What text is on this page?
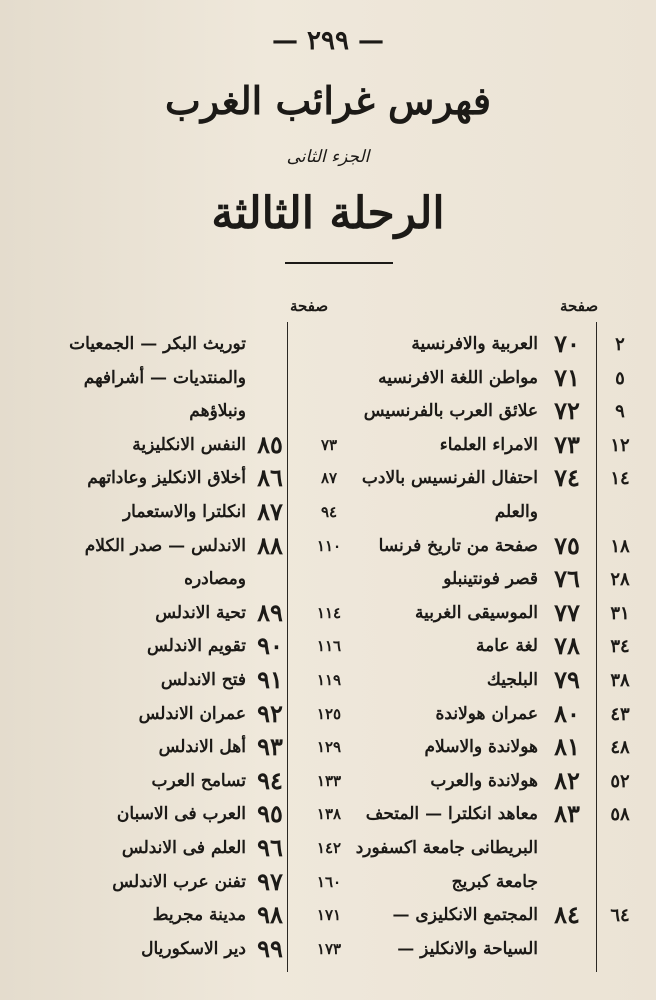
— ٢٩٩ —
فهرس غرائب الغرب
الجزء الثانى
الرحلة الثالثة
صفحة
صفحة
٢
٧٠
العربية والافرنسية
٥
٧١
مواطن اللغة الافرنسيه
٩
٧٢
علائق العرب بالفرنسيس
١٢
٧٣
الامراء العلماء
١٤
٧٤
احتفال الفرنسيس بالادب
والعلم
١٨
٧٥
صفحة من تاريخ فرنسا
٢٨
٧٦
قصر فونتينبلو
٣١
٧٧
الموسيقى الغربية
٣٤
٧٨
لغة عامة
٣٨
٧٩
البلجيك
٤٣
٨٠
عمران هولاندة
٤٨
٨١
هولاندة والاسلام
٥٢
٨٢
هولاندة والعرب
٥٨
٨٣
معاهد انكلترا — المتحف
البريطانى جامعة اكسفورد
جامعة كبريج
٦٤
٨٤
المجتمع الانكليزى —
السياحة والانكليز —
٧٣
٨٧
٩٤
١١٠
١١٤
١١٦
١١٩
١٢٥
١٢٩
١٣٣
١٣٨
١٤٢
١٦٠
١٧١
١٧٣
توريث البكر — الجمعيات
والمنتديات — أشرافهم
ونبلاؤهم
٨٥
النفس الانكليزية
٨٦
أخلاق الانكليز وعاداتهم
٨٧
انكلترا والاستعمار
٨٨
الاندلس — صدر الكلام
ومصادره
٨٩
تحية الاندلس
٩٠
تقويم الاندلس
٩١
فتح الاندلس
٩٢
عمران الاندلس
٩٣
أهل الاندلس
٩٤
تسامح العرب
٩٥
العرب فى الاسبان
٩٦
العلم فى الاندلس
٩٧
تفنن عرب الاندلس
٩٨
مدينة مجريط
٩٩
دير الاسكوريال
